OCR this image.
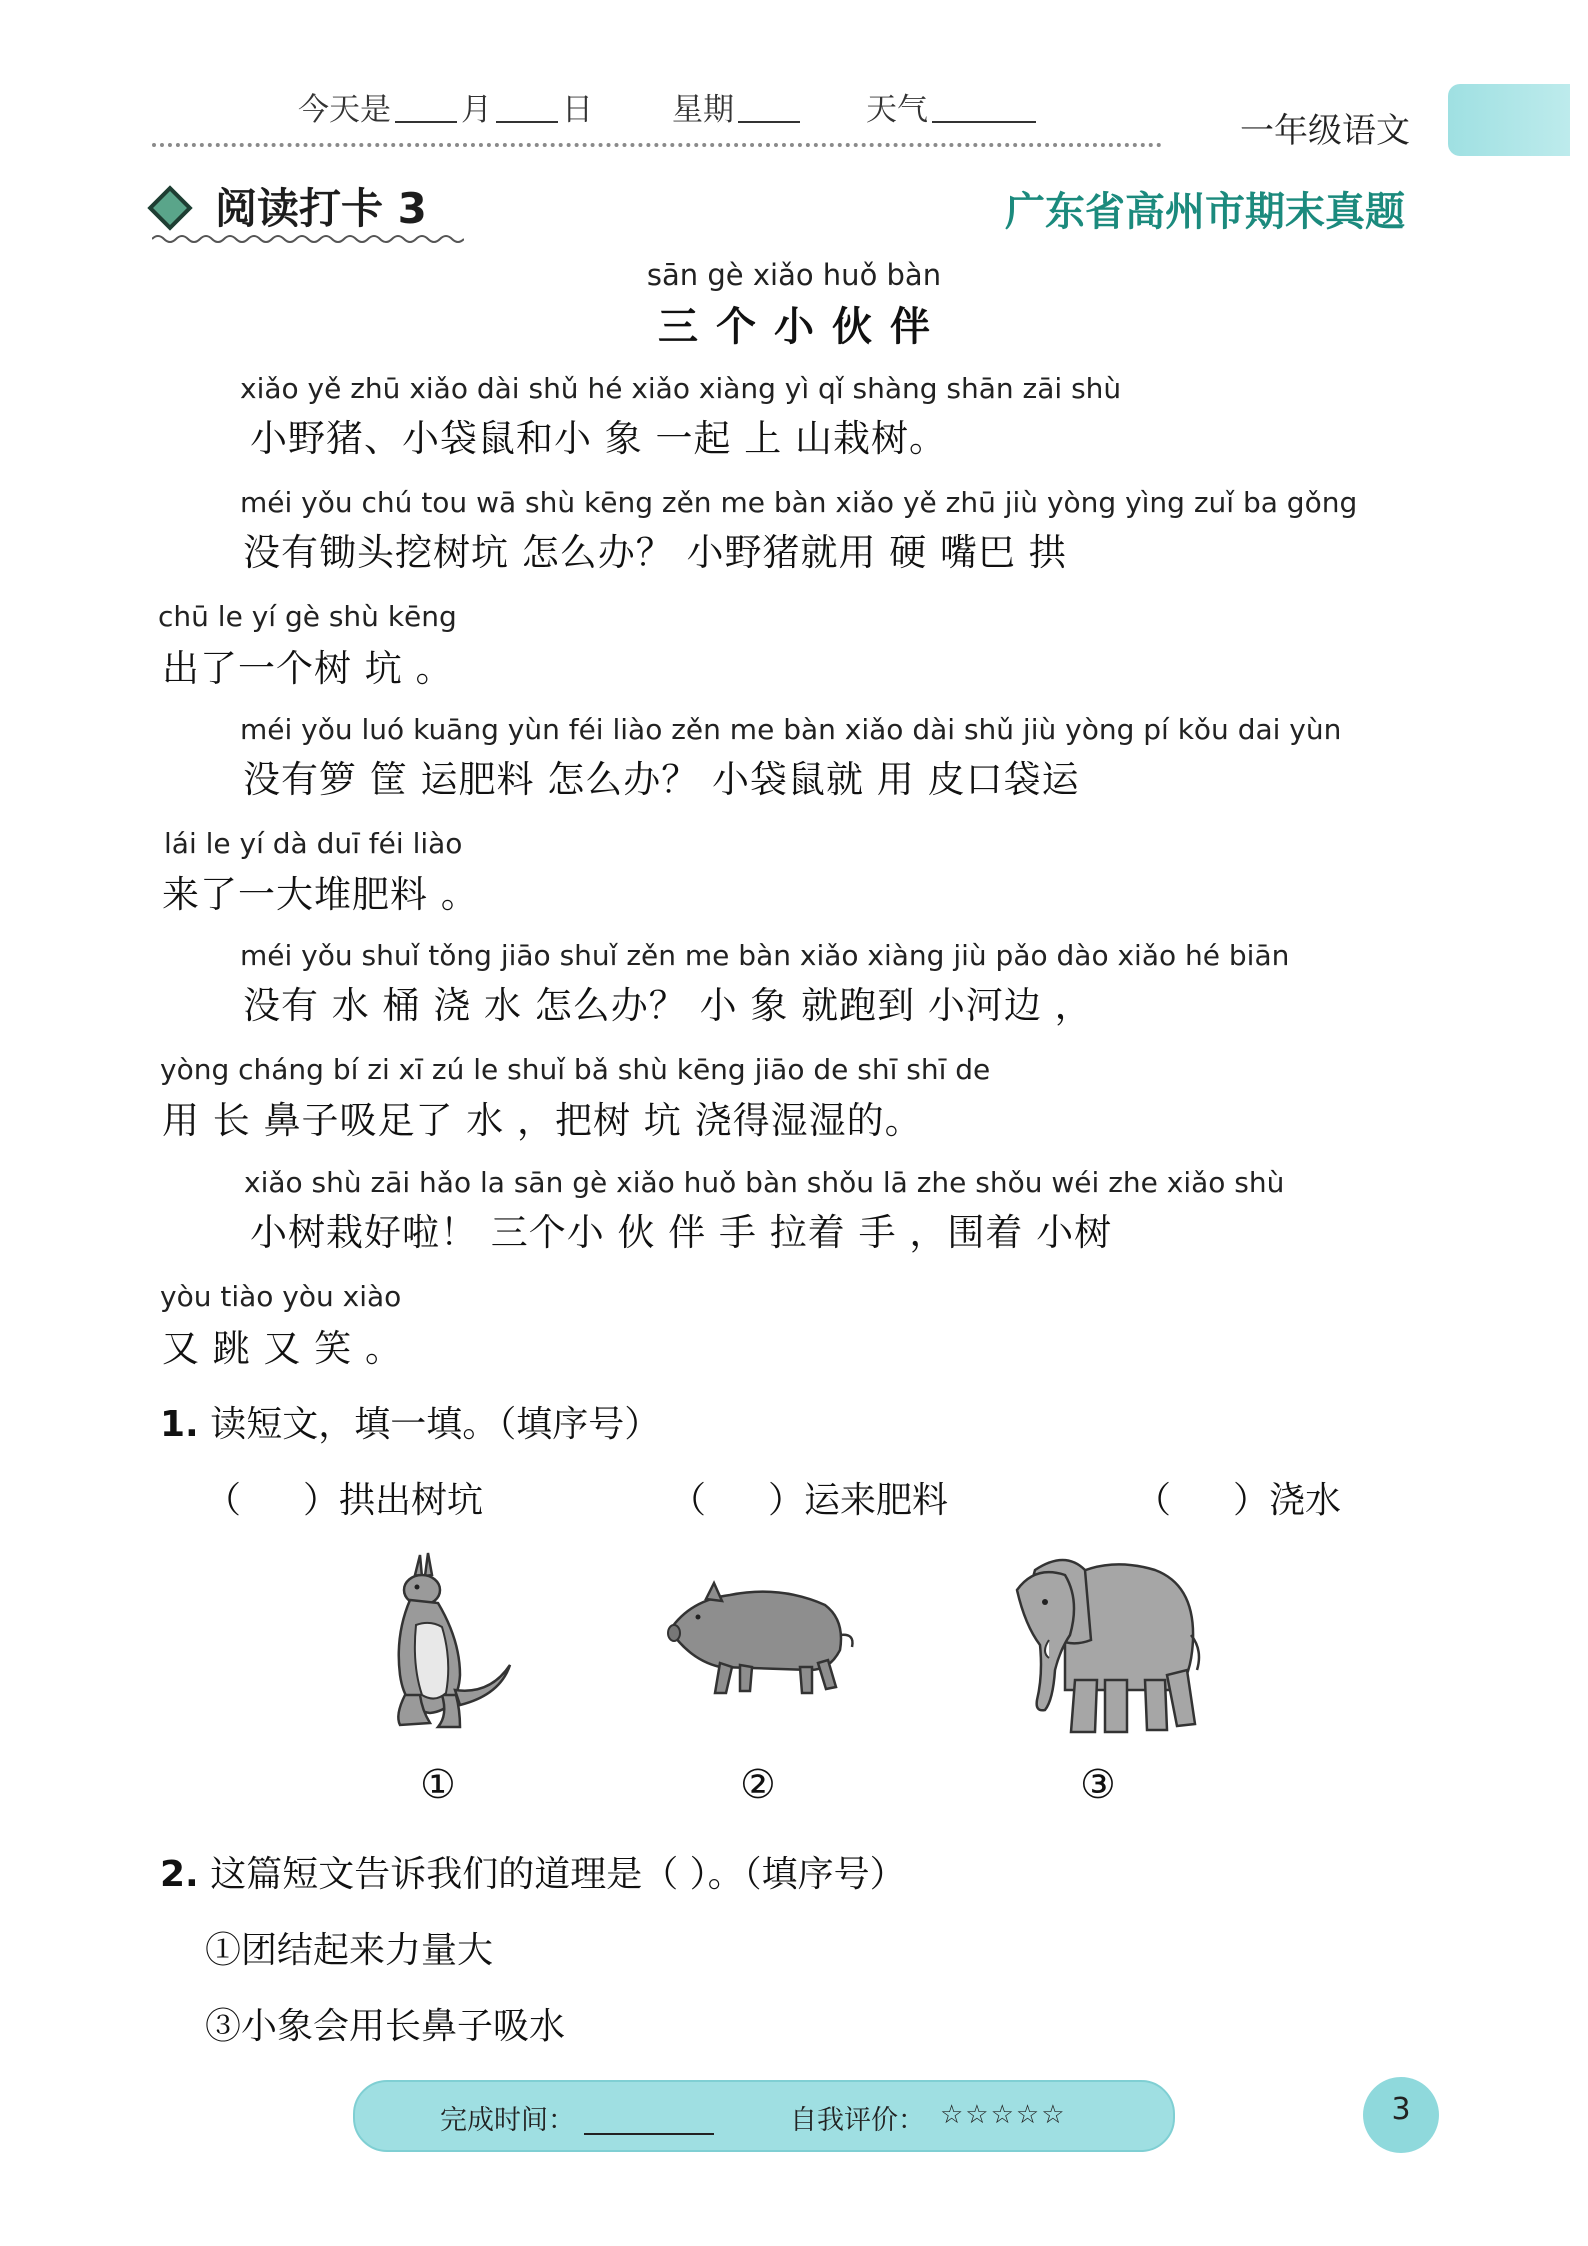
今天是 月 日	星期	天气
一年级语文
阅读打卡 3	广东省高州市期末真题
sān gè xiǎo huǒ bàn
三个小伙伴
xiǎo yě zhū xiǎo dài shǔ hé xiǎo xiàng yì qǐ shàng shān zāi shù
小野猪、小袋鼠和小 象 一起 上 山栽树。
méi yǒu chú tou wā shù kēng zěn me bàn xiǎo yě zhū jiù yòng yìng zuǐ ba gǒng
没有锄头挖树坑 怎么办？ 小野猪就用 硬 嘴巴 拱
chū le yí gè shù kēng
出了一个树 坑 。
méi yǒu luó kuāng yùn féi liào zěn me bàn xiǎo dài shǔ jiù yòng pí kǒu dai yùn
没有箩 筐 运肥料 怎么办？ 小袋鼠就 用 皮口袋运
lái le yí dà duī féi liào
来了一大堆肥料 。
méi yǒu shuǐ tǒng jiāo shuǐ zěn me bàn xiǎo xiàng jiù pǎo dào xiǎo hé biān
没有 水 桶 浇 水 怎么办？ 小 象 就跑到 小河边 ，
yòng cháng bí zi xī zú le shuǐ bǎ shù kēng jiāo de shī shī de
用 长 鼻子吸足了 水 ，把树 坑 浇得湿湿的。
xiǎo shù zāi hǎo la sān gè xiǎo huǒ bàn shǒu lā zhe shǒu wéi zhe xiǎo shù
小树栽好啦！ 三个小 伙 伴 手 拉着 手 ，围着 小树
yòu tiào yòu xiào
又 跳 又 笑 。
1. 读短文，填一填。（填序号）
（ ）拱出树坑	（ ）运来肥料	（ ）浇水
①	②	③
2. 这篇短文告诉我们的道理是（ ）。（填序号）
①团结起来力量大
③小象会用长鼻子吸水
完成时间：	自我评价： ☆☆☆☆☆	3
